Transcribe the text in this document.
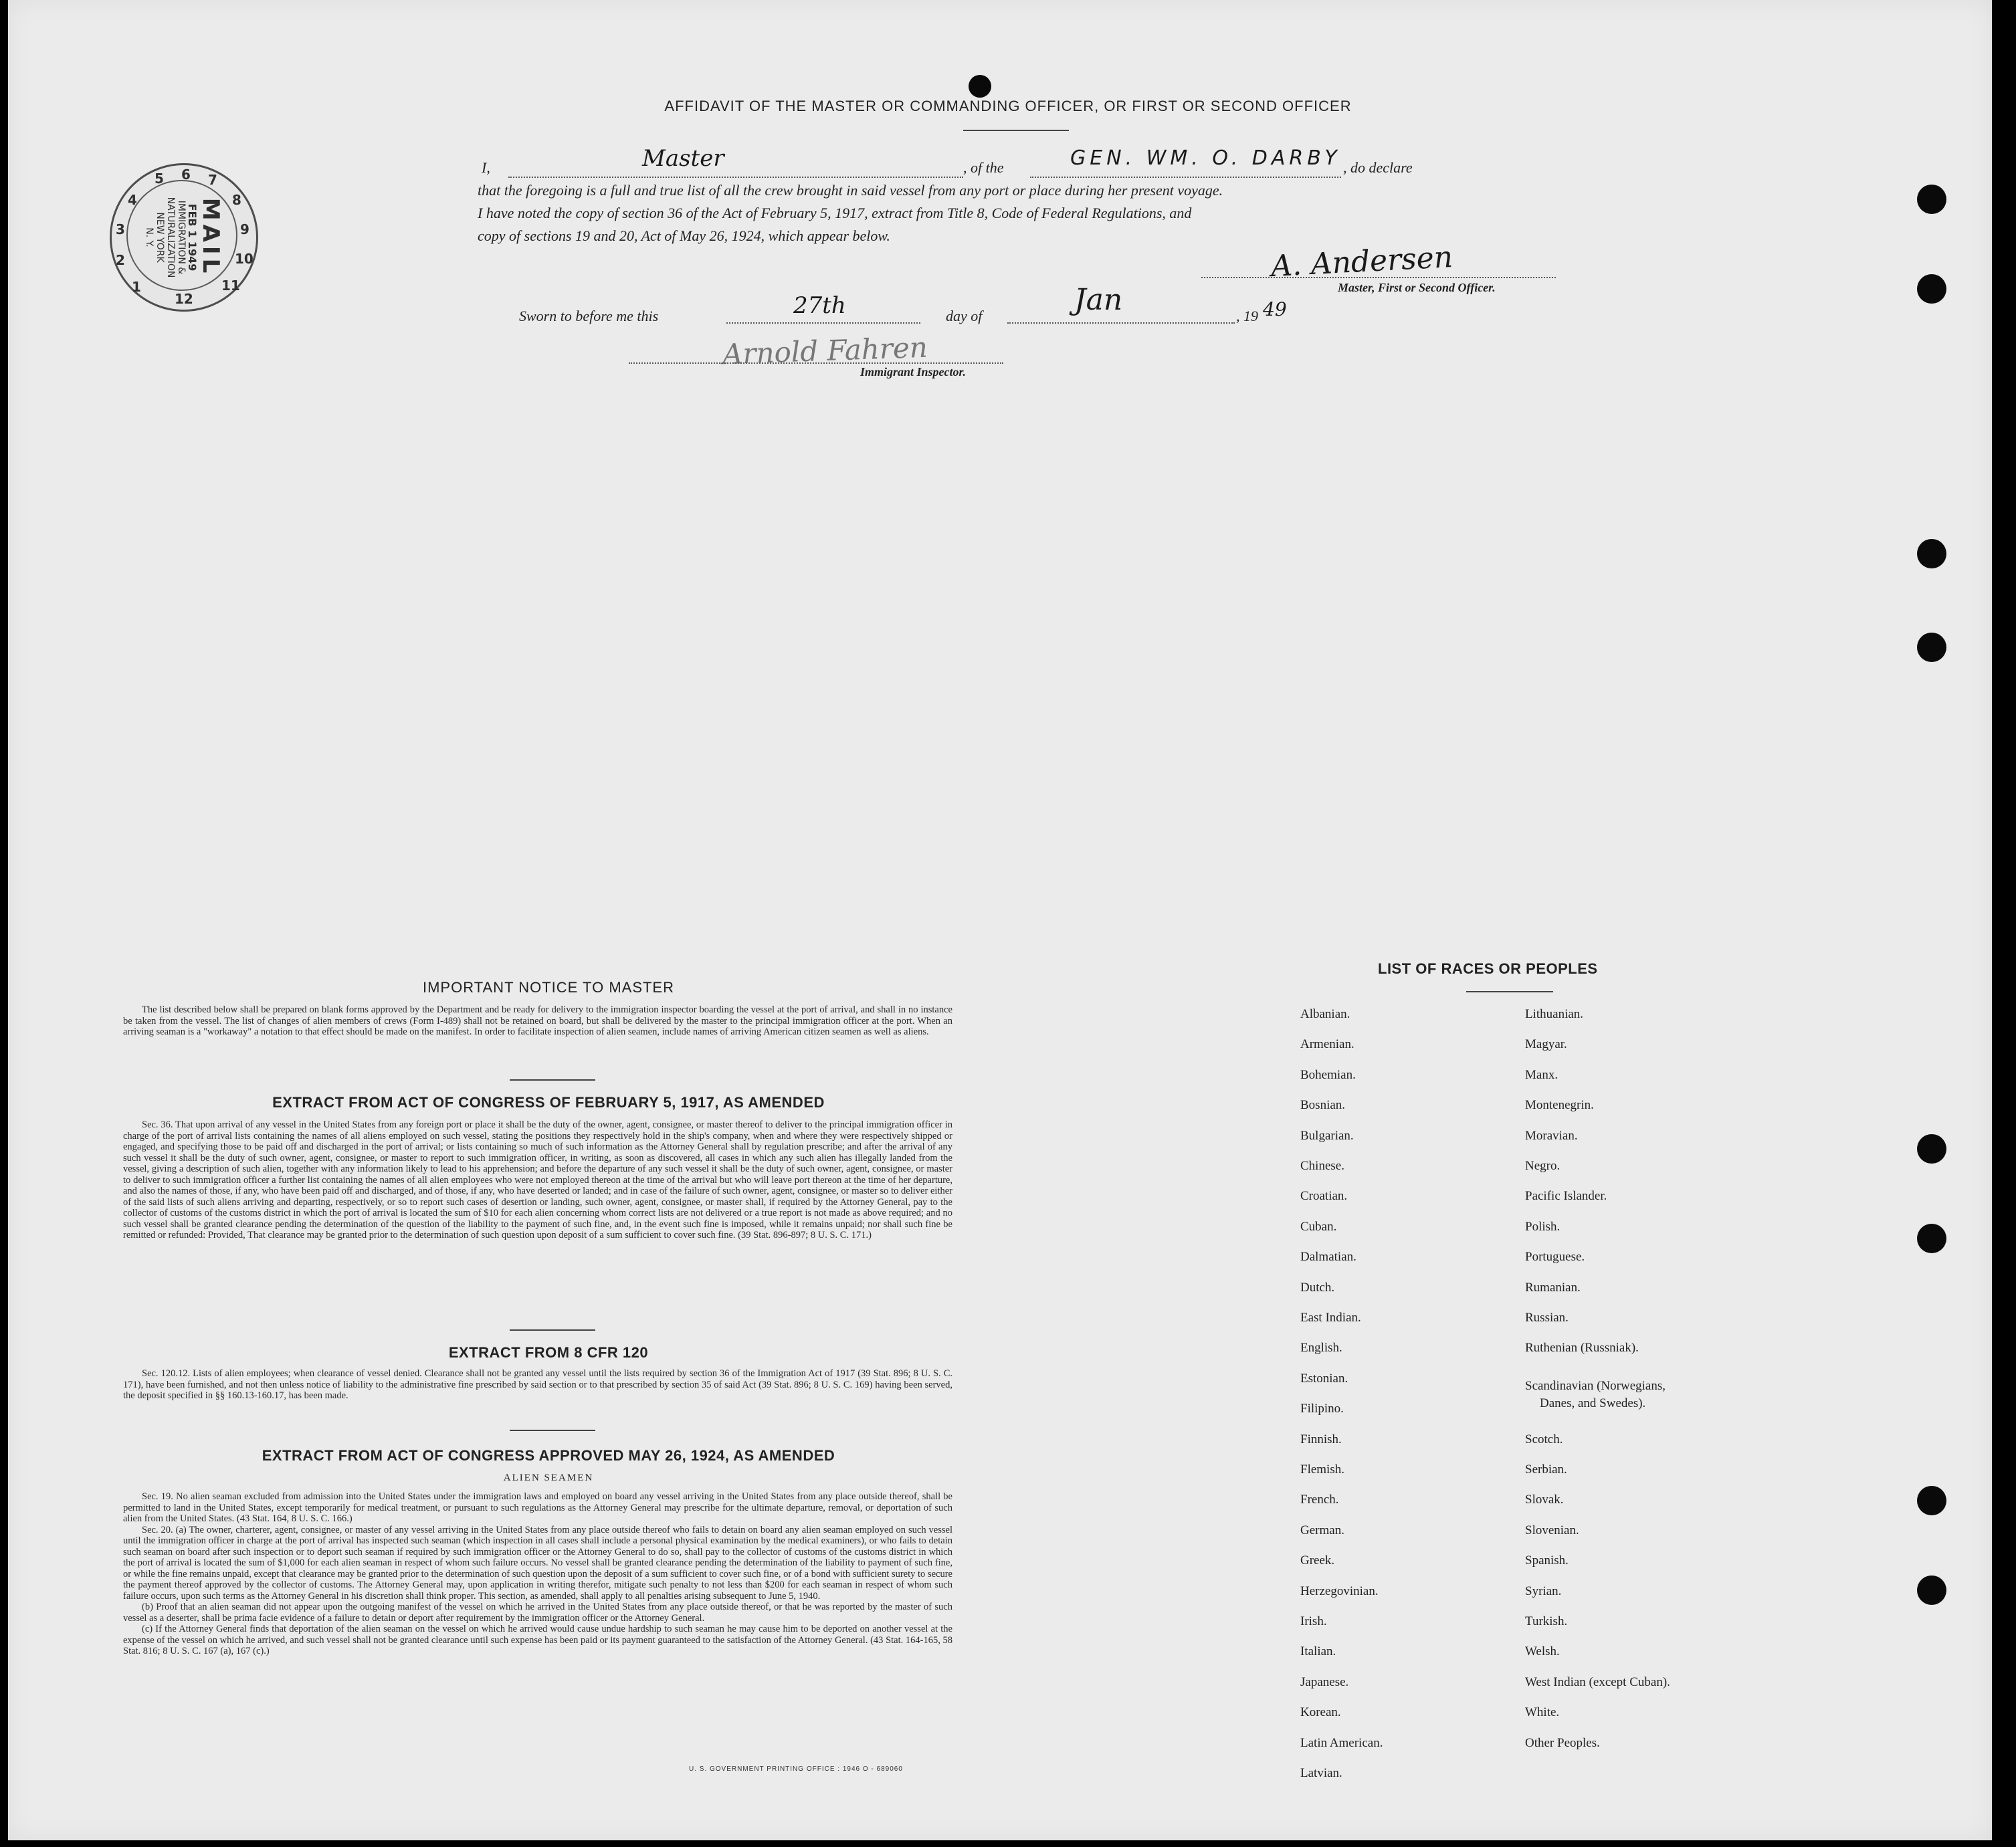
AFFIDAVIT OF THE MASTER OR COMMANDING OFFICER, OR FIRST OR SECOND OFFICER
I,	Master	, of the	GEN. WM. O. DARBY , do declare
that the foregoing is a full and true list of all the crew brought in said vessel from any port or place during her present voyage.
I have noted the copy of section 36 of the Act of February 5, 1917, extract from Title 8, Code of Federal Regulations, and
copy of sections 19 and 20, Act of May 26, 1924, which appear below.
A. Andersen
Master, First or Second Officer.
Sworn to before me this	27th	day of	Jan	, 19 49
Arnold Fahren
Immigrant Inspector.
MAIL
FEB 1 1949
IMMIGRATION &
NATURALIZATION
NEW YORK
N. Y.
1
2
3
4
5 6 7
8
9
10
11
12
IMPORTANT NOTICE TO MASTER

The list described below shall be prepared on blank forms approved by the Department and be ready for delivery to the immigration inspector boarding the vessel at the port of arrival, and shall in no instance be taken from the vessel. The list of changes of alien members of crews (Form I-489) shall not be retained on board, but shall be delivered by the master to the principal immigration officer at the port. When an arriving seaman is a "workaway" a notation to that effect should be made on the manifest. In order to facilitate inspection of alien seamen, include names of arriving American citizen seamen as well as aliens.

EXTRACT FROM ACT OF CONGRESS OF FEBRUARY 5, 1917, AS AMENDED

Sec. 36. That upon arrival of any vessel in the United States from any foreign port or place it shall be the duty of the owner, agent, consignee, or master thereof to deliver to the principal immigration officer in charge of the port of arrival lists containing the names of all aliens employed on such vessel, stating the positions they respectively hold in the ship's company, when and where they were respectively shipped or engaged, and specifying those to be paid off and discharged in the port of arrival; or lists containing so much of such information as the Attorney General shall by regulation prescribe; and after the arrival of any such vessel it shall be the duty of such owner, agent, consignee, or master to report to such immigration officer, in writing, as soon as discovered, all cases in which any such alien has illegally landed from the vessel, giving a description of such alien, together with any information likely to lead to his apprehension; and before the departure of any such vessel it shall be the duty of such owner, agent, consignee, or master to deliver to such immigration officer a further list containing the names of all alien employees who were not employed thereon at the time of the arrival but who will leave port thereon at the time of her departure, and also the names of those, if any, who have been paid off and discharged, and of those, if any, who have deserted or landed; and in case of the failure of such owner, agent, consignee, or master so to deliver either of the said lists of such aliens arriving and departing, respectively, or so to report such cases of desertion or landing, such owner, agent, consignee, or master shall, if required by the Attorney General, pay to the collector of customs of the customs district in which the port of arrival is located the sum of $10 for each alien concerning whom correct lists are not delivered or a true report is not made as above required; and no such vessel shall be granted clearance pending the determination of the question of the liability to the payment of such fine, and, in the event such fine is imposed, while it remains unpaid; nor shall such fine be remitted or refunded: Provided, That clearance may be granted prior to the determination of such question upon deposit of a sum sufficient to cover such fine. (39 Stat. 896-897; 8 U. S. C. 171.)

EXTRACT FROM 8 CFR 120

Sec. 120.12. Lists of alien employees; when clearance of vessel denied. Clearance shall not be granted any vessel until the lists required by section 36 of the Immigration Act of 1917 (39 Stat. 896; 8 U. S. C. 171), have been furnished, and not then unless notice of liability to the administrative fine prescribed by said section or to that prescribed by section 35 of said Act (39 Stat. 896; 8 U. S. C. 169) having been served, the deposit specified in §§ 160.13-160.17, has been made.

EXTRACT FROM ACT OF CONGRESS APPROVED MAY 26, 1924, AS AMENDED
ALIEN SEAMEN

Sec. 19. No alien seaman excluded from admission into the United States under the immigration laws and employed on board any vessel arriving in the United States from any place outside thereof, shall be permitted to land in the United States, except temporarily for medical treatment, or pursuant to such regulations as the Attorney General may prescribe for the ultimate departure, removal, or deportation of such alien from the United States. (43 Stat. 164, 8 U. S. C. 166.)

Sec. 20. (a) The owner, charterer, agent, consignee, or master of any vessel arriving in the United States from any place outside thereof who fails to detain on board any alien seaman employed on such vessel until the immigration officer in charge at the port of arrival has inspected such seaman (which inspection in all cases shall include a personal physical examination by the medical examiners), or who fails to detain such seaman on board after such inspection or to deport such seaman if required by such immigration officer or the Attorney General to do so, shall pay to the collector of customs of the customs district in which the port of arrival is located the sum of $1,000 for each alien seaman in respect of whom such failure occurs. No vessel shall be granted clearance pending the determination of the liability to payment of such fine, or while the fine remains unpaid, except that clearance may be granted prior to the determination of such question upon the deposit of a sum sufficient to cover such fine, or of a bond with sufficient surety to secure the payment thereof approved by the collector of customs. The Attorney General may, upon application in writing therefor, mitigate such penalty to not less than $200 for each seaman in respect of whom such failure occurs, upon such terms as the Attorney General in his discretion shall think proper. This section, as amended, shall apply to all penalties arising subsequent to June 5, 1940.

(b) Proof that an alien seaman did not appear upon the outgoing manifest of the vessel on which he arrived in the United States from any place outside thereof, or that he was reported by the master of such vessel as a deserter, shall be prima facie evidence of a failure to detain or deport after requirement by the immigration officer or the Attorney General.

(c) If the Attorney General finds that deportation of the alien seaman on the vessel on which he arrived would cause undue hardship to such seaman he may cause him to be deported on another vessel at the expense of the vessel on which he arrived, and such vessel shall not be granted clearance until such expense has been paid or its payment guaranteed to the satisfaction of the Attorney General. (43 Stat. 164-165, 58 Stat. 816; 8 U. S. C. 167 (a), 167 (c).)

U. S. GOVERNMENT PRINTING OFFICE : 1946 O - 689060
LIST OF RACES OR PEOPLES
Albanian.
Armenian.
Bohemian.
Bosnian.
Bulgarian.
Chinese.
Croatian.
Cuban.
Dalmatian.
Dutch.
East Indian.
English.
Estonian.
Filipino.
Finnish.
Flemish.
French.
German.
Greek.
Herzegovinian.
Irish.
Italian.
Japanese.
Korean.
Latin American.
Latvian.
Lithuanian.
Magyar.
Manx.
Montenegrin.
Moravian.
Negro.
Pacific Islander.
Polish.
Portuguese.
Rumanian.
Russian.
Ruthenian (Russniak).
Scandinavian (Norwegians,
Danes, and Swedes).
Scotch.
Serbian.
Slovak.
Slovenian.
Spanish.
Syrian.
Turkish.
Welsh.
West Indian (except Cuban).
White.
Other Peoples.
